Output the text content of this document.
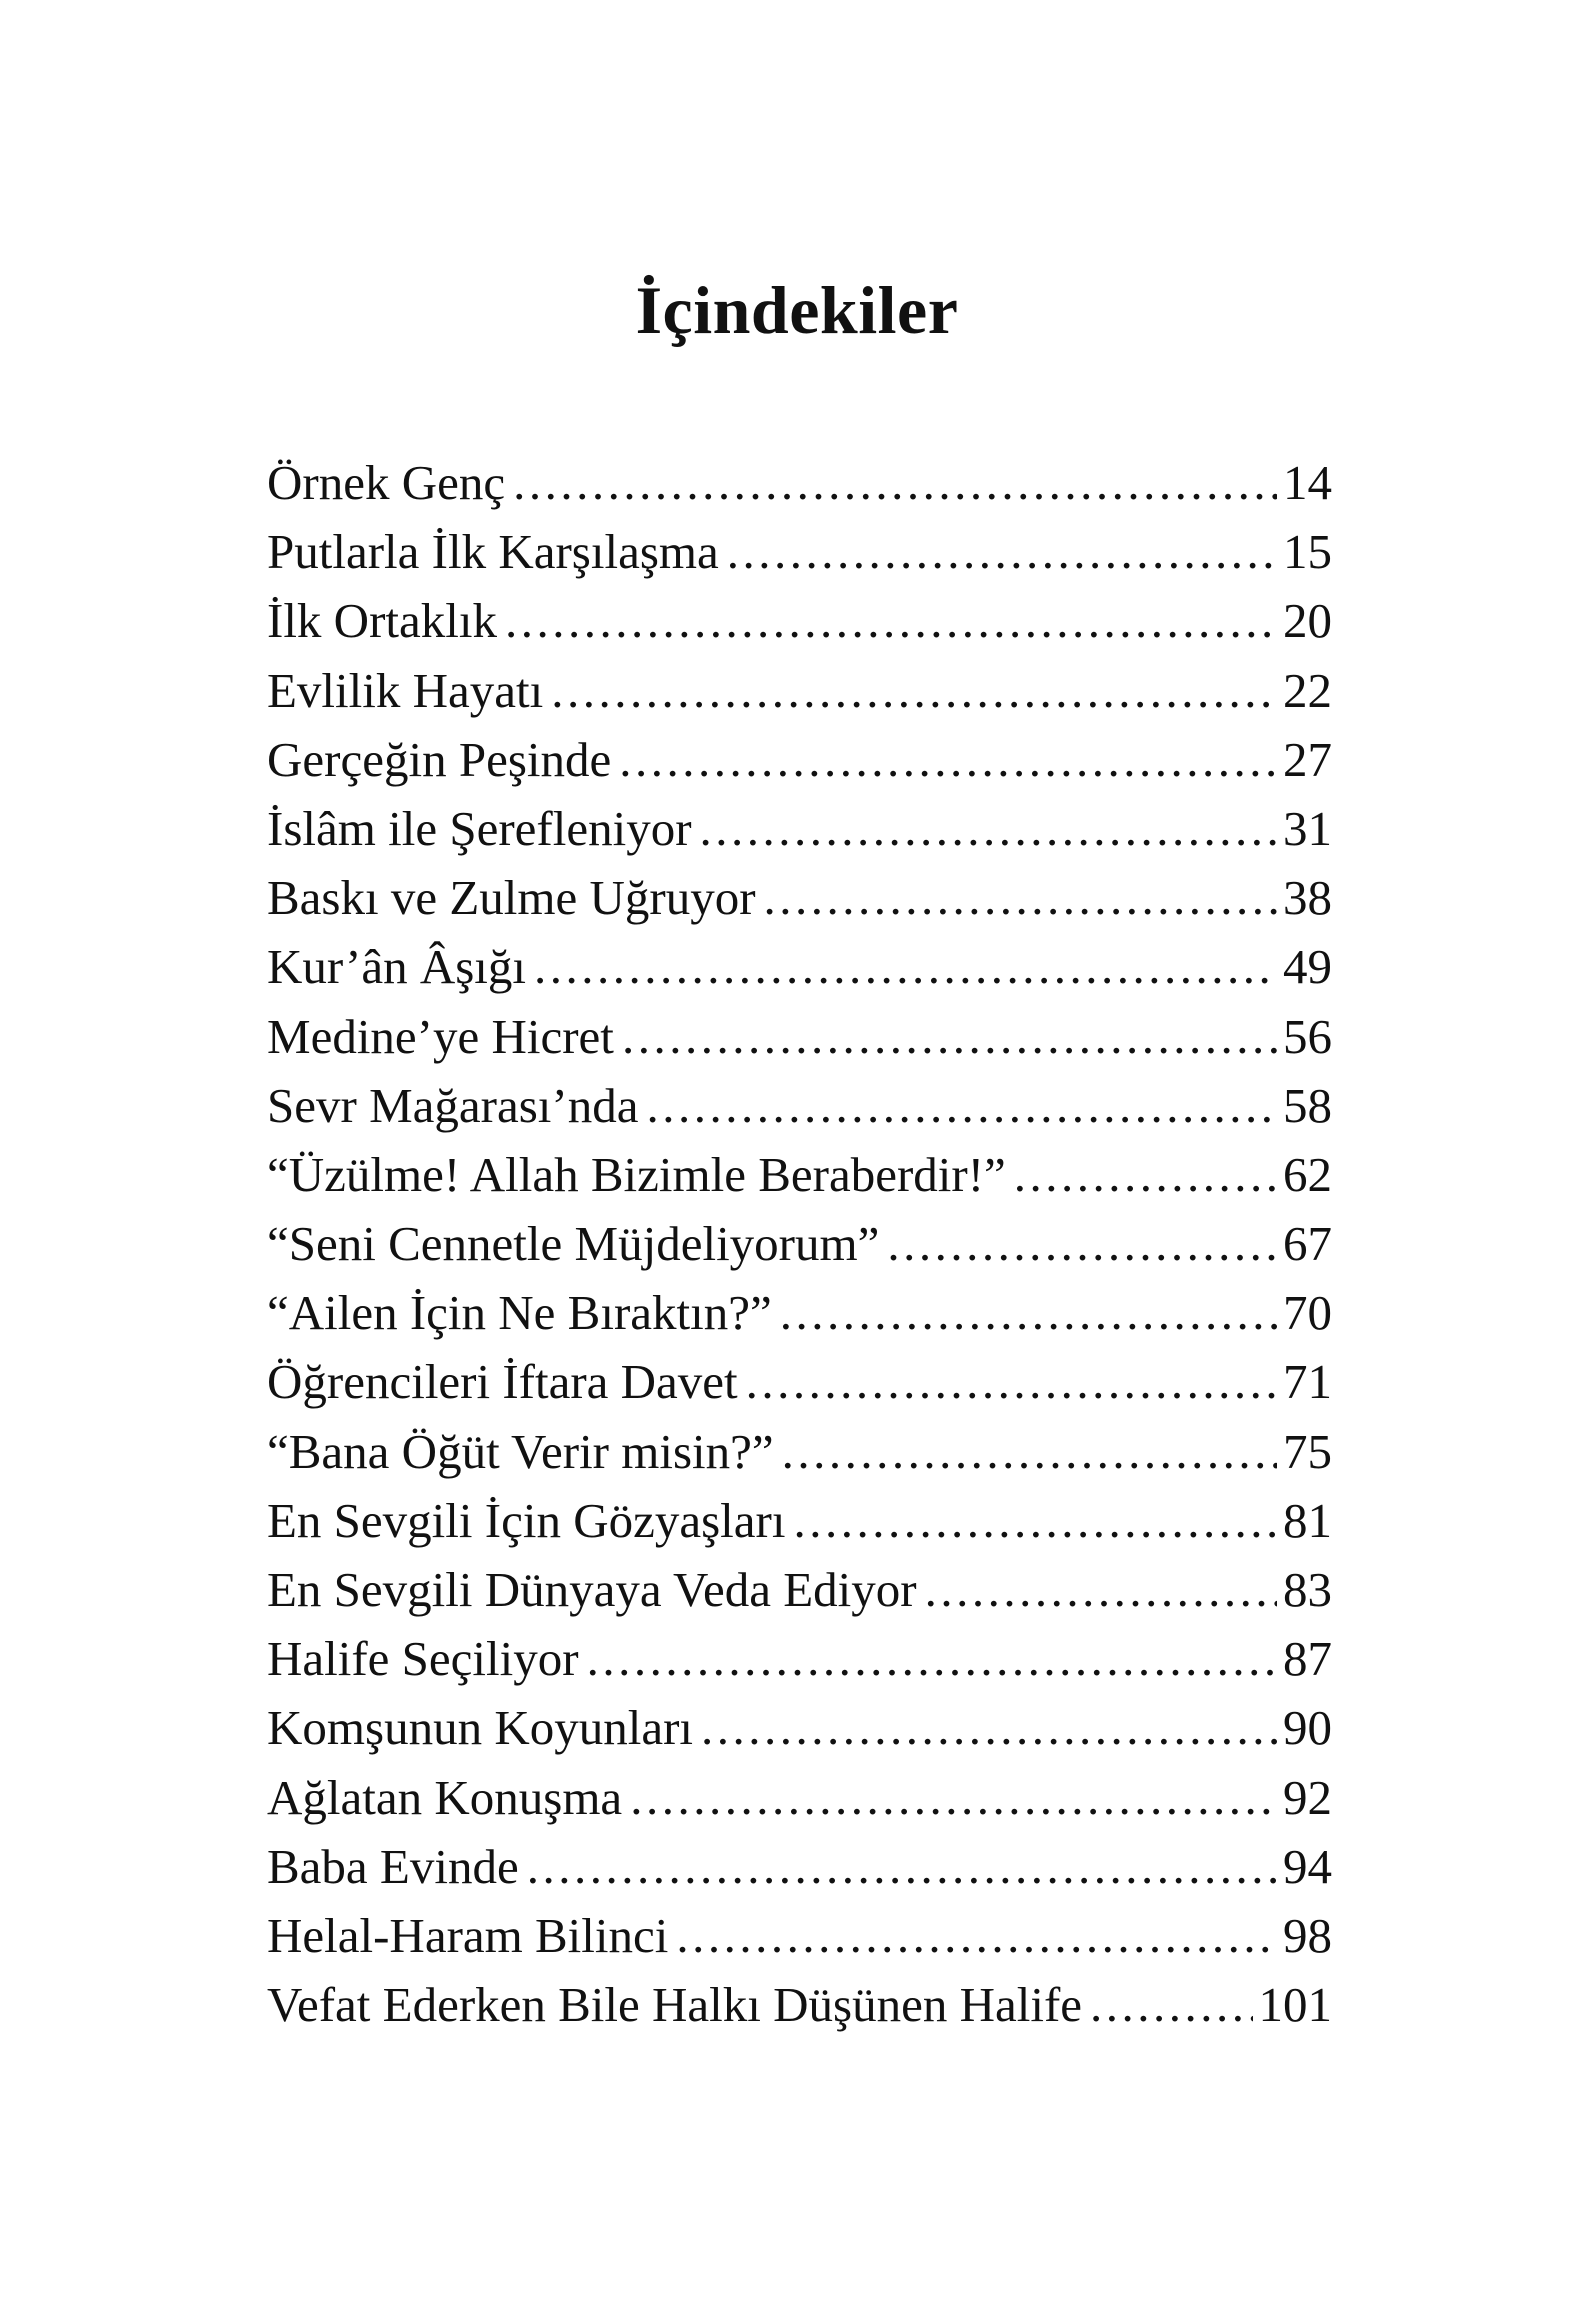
İçindekiler
Örnek Genç .....	14
Putlarla İlk Karşılaşma .....	15
İlk Ortaklık .....	20
Evlilik Hayatı .....	22
Gerçeğin Peşinde .....	27
İslâm ile Şerefleniyor .....	31
Baskı ve Zulme Uğruyor .....	38
Kur’ân Âşığı .....	49
Medine’ye Hicret .....	56
Sevr Mağarası’nda .....	58
“Üzülme! Allah Bizimle Beraberdir!” .....	62
“Seni Cennetle Müjdeliyorum” .....	67
“Ailen İçin Ne Bıraktın?” .....	70
Öğrencileri İftara Davet .....	71
“Bana Öğüt Verir misin?” .....	75
En Sevgili İçin Gözyaşları .....	81
En Sevgili Dünyaya Veda Ediyor .....	83
Halife Seçiliyor .....	87
Komşunun Koyunları .....	90
Ağlatan Konuşma .....	92
Baba Evinde .....	94
Helal-Haram Bilinci .....	98
Vefat Ederken Bile Halkı Düşünen Halife .....	101
